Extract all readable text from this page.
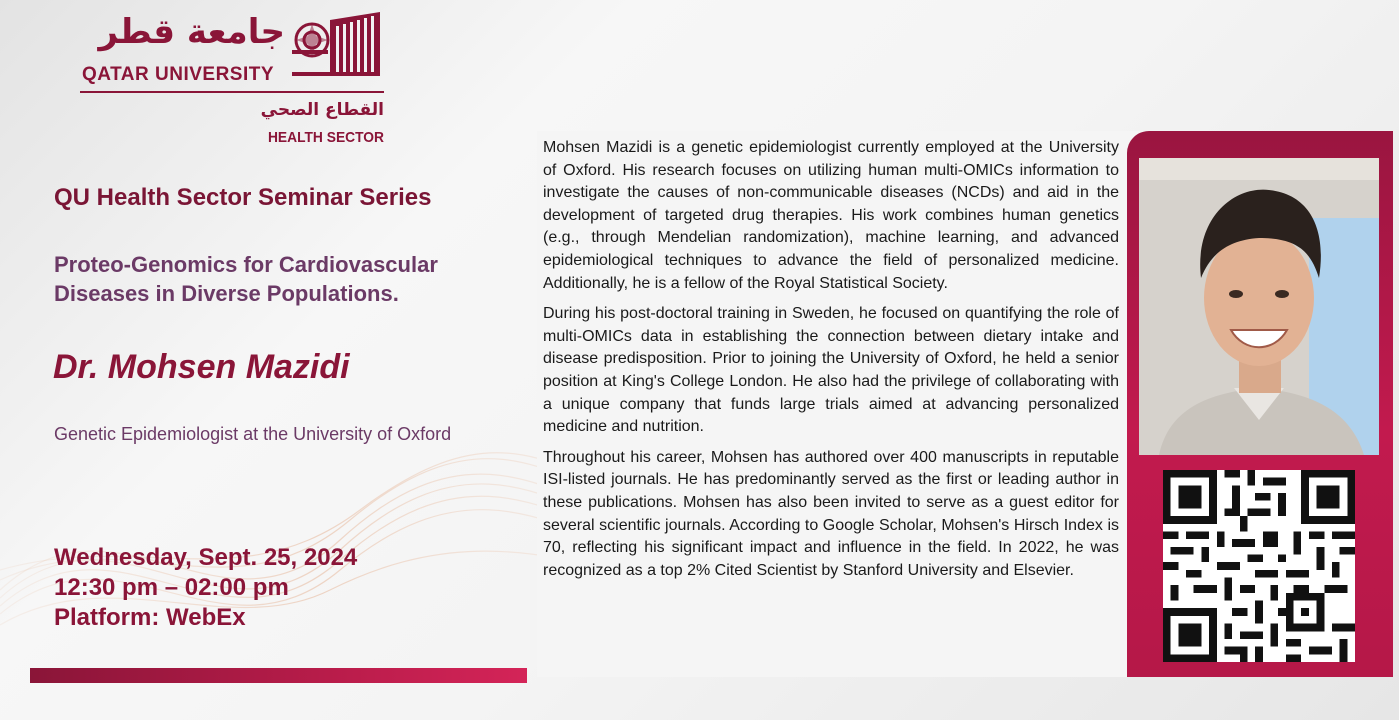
جامعة قطر
QATAR UNIVERSITY
القطاع الصحي
HEALTH SECTOR
QU Health Sector Seminar Series
Proteo-Genomics for Cardiovascular Diseases in Diverse Populations.
Dr. Mohsen Mazidi
Genetic Epidemiologist at the University of Oxford
Wednesday, Sept. 25, 2024
12:30 pm – 02:00 pm
Platform: WebEx

Mohsen Mazidi is a genetic epidemiologist currently employed at the University of Oxford. His research focuses on utilizing human multi-OMICs information to investigate the causes of non-communicable diseases (NCDs) and aid in the development of targeted drug therapies. His work combines human genetics (e.g., through Mendelian randomization), machine learning, and advanced epidemiological techniques to advance the field of personalized medicine. Additionally, he is a fellow of the Royal Statistical Society.

During his post-doctoral training in Sweden, he focused on quantifying the role of multi-OMICs data in establishing the connection between dietary intake and disease predisposition. Prior to joining the University of Oxford, he held a senior position at King's College London. He also had the privilege of collaborating with a unique company that funds large trials aimed at advancing personalized medicine and nutrition.

Throughout his career, Mohsen has authored over 400 manuscripts in reputable ISI-listed journals. He has predominantly served as the first or leading author in these publications. Mohsen has also been invited to serve as a guest editor for several scientific journals. According to Google Scholar, Mohsen's Hirsch Index is 70, reflecting his significant impact and influence in the field. In 2022, he was recognized as a top 2% Cited Scientist by Stanford University and Elsevier.
